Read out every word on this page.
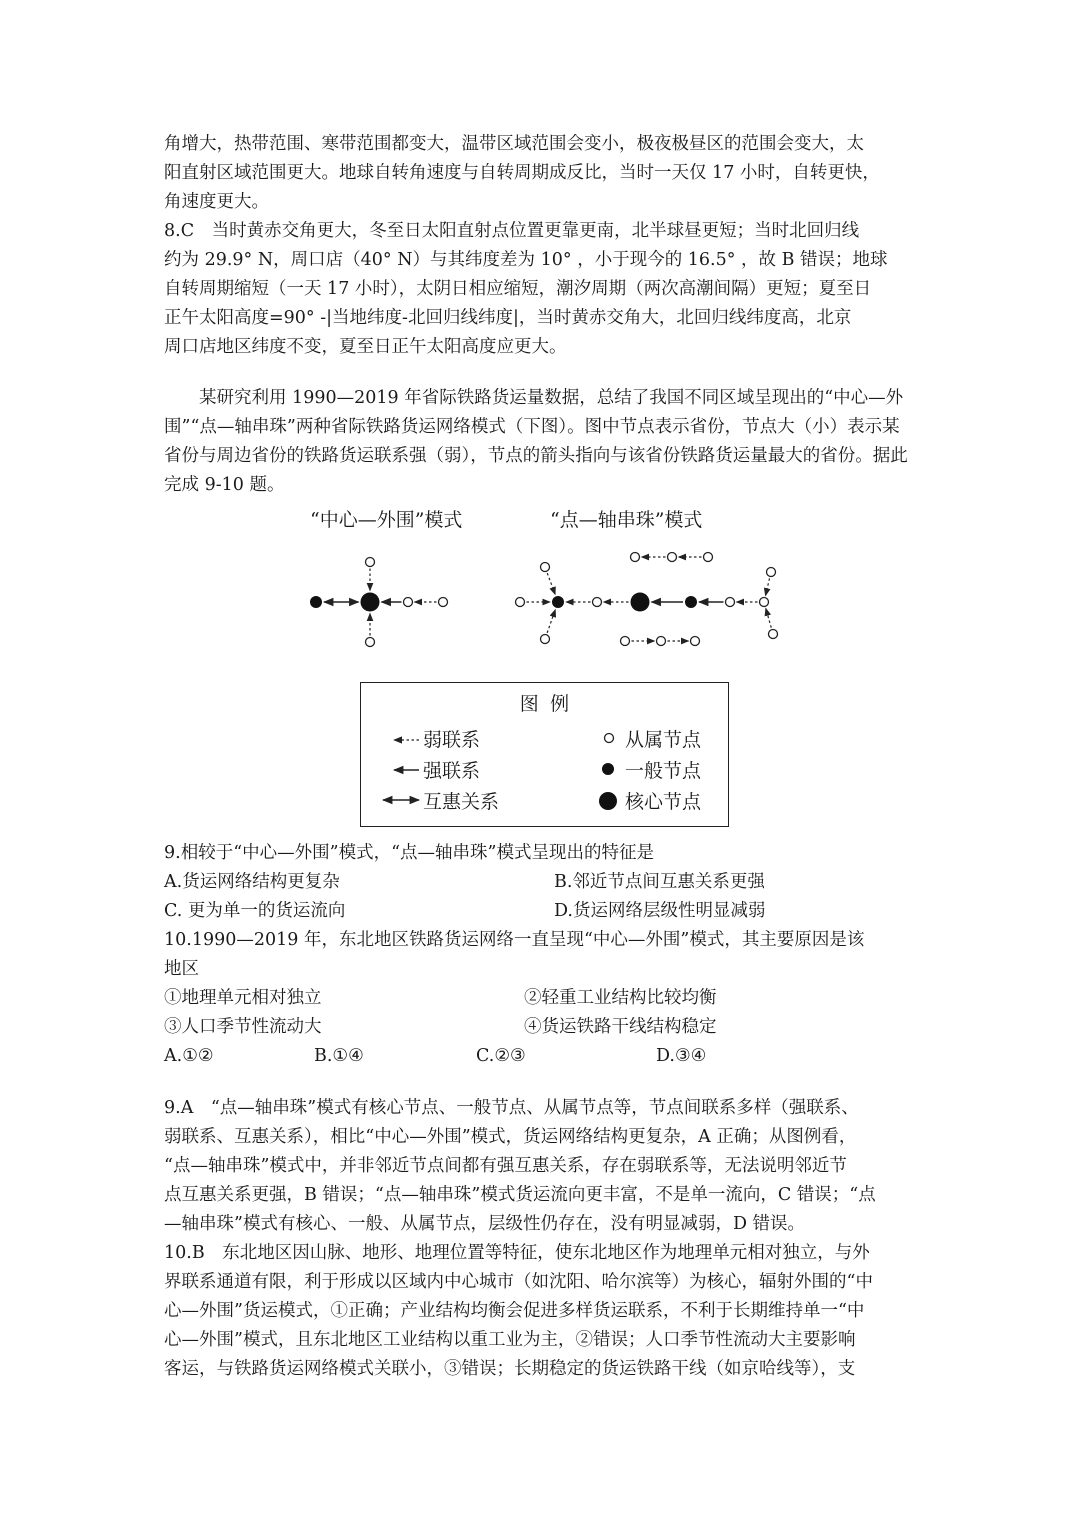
角增大，热带范围、寒带范围都变大，温带区域范围会变小，极夜极昼区的范围会变大，太

阳直射区域范围更大。地球自转角速度与自转周期成反比，当时一天仅 17 小时，自转更快，

角速度更大。

8.C　当时黄赤交角更大，冬至日太阳直射点位置更靠更南，北半球昼更短；当时北回归线

约为 29.9° N，周口店（40° N）与其纬度差为 10° ，小于现今的 16.5° ，故 B 错误；地球

自转周期缩短（一天 17 小时），太阴日相应缩短，潮汐周期（两次高潮间隔）更短；夏至日

正午太阳高度=90° -|当地纬度-北回归线纬度|，当时黄赤交角大，北回归线纬度高，北京

周口店地区纬度不变，夏至日正午太阳高度应更大。

某研究利用 1990—2019 年省际铁路货运量数据，总结了我国不同区域呈现出的“中心—外围”“点—轴串珠”两种省际铁路货运网络模式（下图）。图中节点表示省份，节点大（小）表示某省份与周边省份的铁路货运联系强（弱），节点的箭头指向与该省份铁路货运量最大的省份。据此完成 9-10 题。

“中心—外围”模式	“点—轴串珠”模式
图例
弱联系
强联系
互惠关系
从属节点
一般节点
核心节点

9.相较于“中心—外围”模式，“点—轴串珠”模式呈现出的特征是

A.货运网络结构更复杂	B.邻近节点间互惠关系更强
C. 更为单一的货运流向	D.货运网络层级性明显减弱

10.1990—2019 年，东北地区铁路货运网络一直呈现“中心—外围”模式，其主要原因是该

地区

①地理单元相对独立	②轻重工业结构比较均衡
③人口季节性流动大	④货运铁路干线结构稳定
A.①②	B.①④	C.②③	D.③④

9.A　“点—轴串珠”模式有核心节点、一般节点、从属节点等，节点间联系多样（强联系、

弱联系、互惠关系），相比“中心—外围”模式，货运网络结构更复杂，A 正确；从图例看，

“点—轴串珠”模式中，并非邻近节点间都有强互惠关系，存在弱联系等，无法说明邻近节

点互惠关系更强，B 错误；“点—轴串珠”模式货运流向更丰富，不是单一流向，C 错误；“点

—轴串珠”模式有核心、一般、从属节点，层级性仍存在，没有明显减弱，D 错误。

10.B　东北地区因山脉、地形、地理位置等特征，使东北地区作为地理单元相对独立，与外

界联系通道有限，利于形成以区域内中心城市（如沈阳、哈尔滨等）为核心，辐射外围的“中

心—外围”货运模式，①正确；产业结构均衡会促进多样货运联系，不利于长期维持单一“中

心—外围”模式，且东北地区工业结构以重工业为主，②错误；人口季节性流动大主要影响

客运，与铁路货运网络模式关联小，③错误；长期稳定的货运铁路干线（如京哈线等），支
